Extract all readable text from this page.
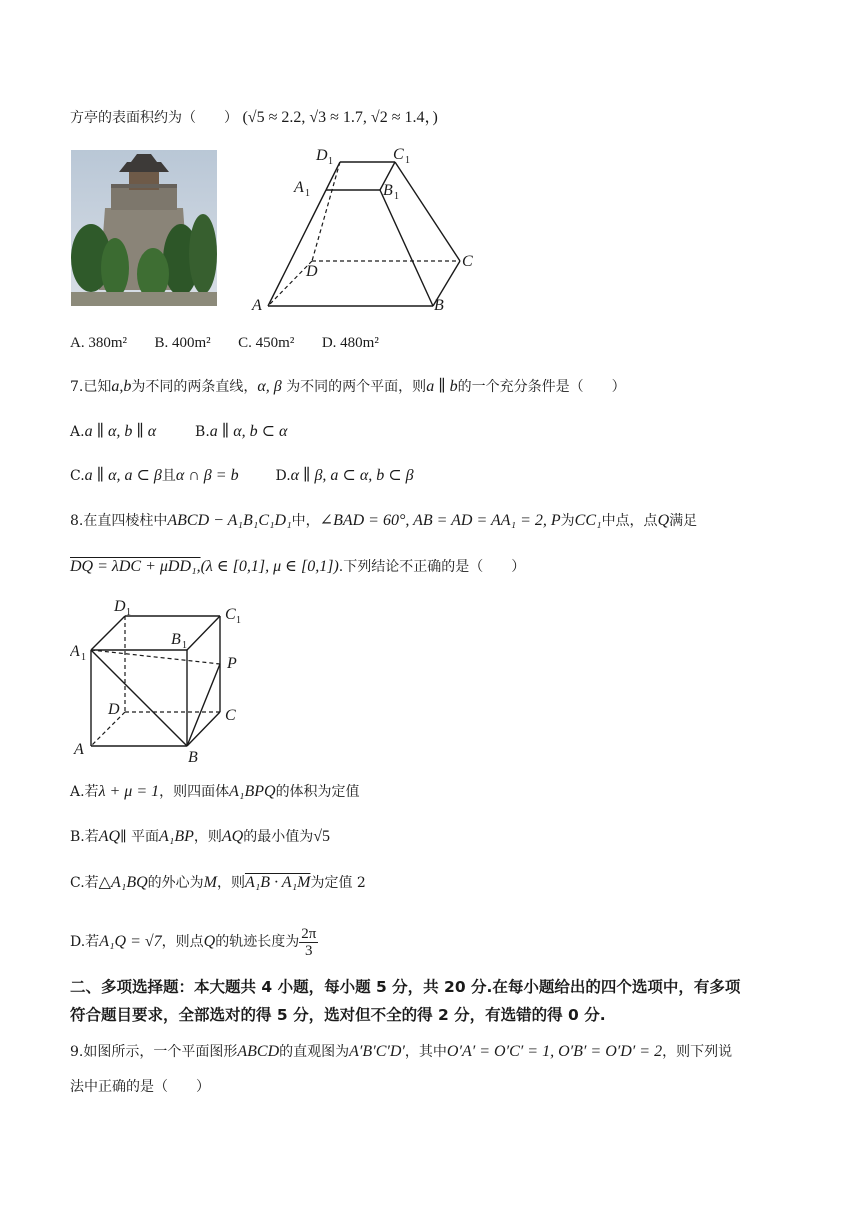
方亭的表面积约为（　　） (√5 ≈ 2.2, √3 ≈ 1.7, √2 ≈ 1.4，)
D 1	C 1
A 1	B 1
D
C
A	B
A. 380m² B. 400m² C. 450m² D. 480m²
7.已知a,b为不同的两条直线，α, β 为不同的两个平面，则a ∥ b的一个充分条件是（　　）
A.a ∥ α, b ∥ α	B.a ∥ α, b ⊂ α
C.a ∥ α, a ⊂ β且α ∩ β = b	D.α ∥ β, a ⊂ α, b ⊂ β
8.在直四棱柱中ABCD − A₁B₁C₁D₁中，∠BAD = 60°, AB = AD = AA₁ = 2, P为CC₁中点，点Q满足
DQ = λDC + μDD₁,(λ ∈ [0,1], μ ∈ [0,1]).下列结论不正确的是（　　）
D 1	C 1
B 1
A 1	P
D	C
A	B
A.若λ + μ = 1，则四面体A₁BPQ的体积为定值
B.若AQ∥ 平面A₁BP，则AQ的最小值为√5
C.若△A₁BQ的外心为M，则A₁B · A₁M为定值 2
D.若A₁Q = √7，则点Q的轨迹长度为 $\frac{2\pi}{3}$
二、多项选择题：本大题共 4 小题，每小题 5 分，共 20 分.在每小题给出的四个选项中，有多项
符合题目要求，全部选对的得 5 分，选对但不全的得 2 分，有选错的得 0 分.
9.如图所示，一个平面图形ABCD的直观图为A′B′C′D′，其中O′A′ = O′C′ = 1, O′B′ = O′D′ = 2，则下列说
法中正确的是（　　）
